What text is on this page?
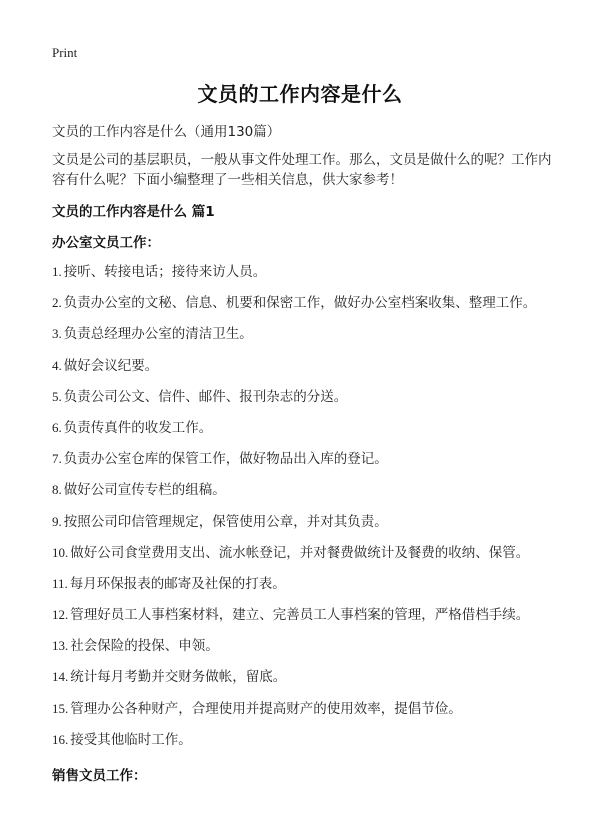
Print
文员的工作内容是什么
文员的工作内容是什么（通用130篇）

文员是公司的基层职员，一般从事文件处理工作。那么，文员是做什么的呢？工作内容有什么呢？下面小编整理了一些相关信息，供大家参考！

文员的工作内容是什么 篇1
办公室文员工作：
1. 接听、转接电话；接待来访人员。
2. 负责办公室的文秘、信息、机要和保密工作，做好办公室档案收集、整理工作。
3. 负责总经理办公室的清洁卫生。
4. 做好会议纪要。
5. 负责公司公文、信件、邮件、报刊杂志的分送。
6. 负责传真件的收发工作。
7. 负责办公室仓库的保管工作，做好物品出入库的登记。
8. 做好公司宣传专栏的组稿。
9. 按照公司印信管理规定，保管使用公章，并对其负责。
10. 做好公司食堂费用支出、流水帐登记，并对餐费做统计及餐费的收纳、保管。
11. 每月环保报表的邮寄及社保的打表。
12. 管理好员工人事档案材料，建立、完善员工人事档案的管理，严格借档手续。
13. 社会保险的投保、申领。
14. 统计每月考勤并交财务做帐，留底。
15. 管理办公各种财产，合理使用并提高财产的使用效率，提倡节俭。
16. 接受其他临时工作。
销售文员工作：
